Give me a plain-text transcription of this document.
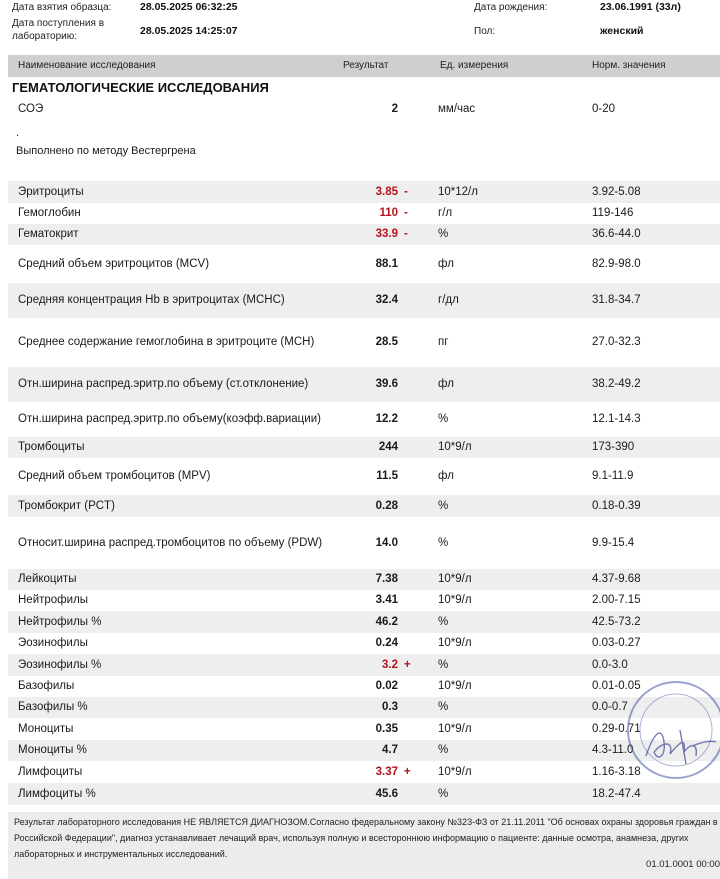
Дата взятия образца:	28.05.2025 06:32:25
Дата поступления в лабораторию:	28.05.2025 14:25:07
Дата рождения:	23.06.1991 (33л)
Пол:	женский
Наименование исследования	Результат	Ед. измерения	Норм. значения
ГЕМАТОЛОГИЧЕСКИЕ ИССЛЕДОВАНИЯ
СОЭ	2	мм/час	0-20
.
Выполнено по методу Вестергрена
Эритроциты	3.85 -	10*12/л	3.92-5.08
Гемоглобин	110 -	г/л	119-146
Гематокрит	33.9 -	%	36.6-44.0
Средний объем эритроцитов (MCV)	88.1	фл	82.9-98.0
Средняя концентрация Hb в эритроцитах (MCHC)	32.4	г/дл	31.8-34.7
Среднее содержание гемоглобина в эритроците (MCH)	28.5	пг	27.0-32.3
Отн.ширина распред.эритр.по объему (ст.отклонение)	39.6	фл	38.2-49.2
Отн.ширина распред.эритр.по объему(коэфф.вариации)	12.2	%	12.1-14.3
Тромбоциты	244	10*9/л	173-390
Средний объем тромбоцитов (MPV)	11.5	фл	9.1-11.9
Тромбокрит (PCT)	0.28	%	0.18-0.39
Относит.ширина распред.тромбоцитов по объему (PDW)	14.0	%	9.9-15.4
Лейкоциты	7.38	10*9/л	4.37-9.68
Нейтрофилы	3.41	10*9/л	2.00-7.15
Нейтрофилы %	46.2	%	42.5-73.2
Эозинофилы	0.24	10*9/л	0.03-0.27
Эозинофилы %	3.2 +	%	0.0-3.0
Базофилы	0.02	10*9/л	0.01-0.05
Базофилы %	0.3	%	0.0-0.7
Моноциты	0.35	10*9/л	0.29-0.71
Моноциты %	4.7	%	4.3-11.0
Лимфоциты	3.37 +	10*9/л	1.16-3.18
Лимфоциты %	45.6	%	18.2-47.4
Результат лабораторного исследования НЕ ЯВЛЯЕТСЯ ДИАГНОЗОМ.Согласно федеральному закону №323-ФЗ от 21.11.2011 "Об основах охраны здоровья граждан в Российской Федерации", диагноз устанавливает лечащий врач, используя полную и всестороннюю информацию о пациенте: данные осмотра, анамнеза, других лабораторных и инструментальных исследований.
01.01.0001 00:00
